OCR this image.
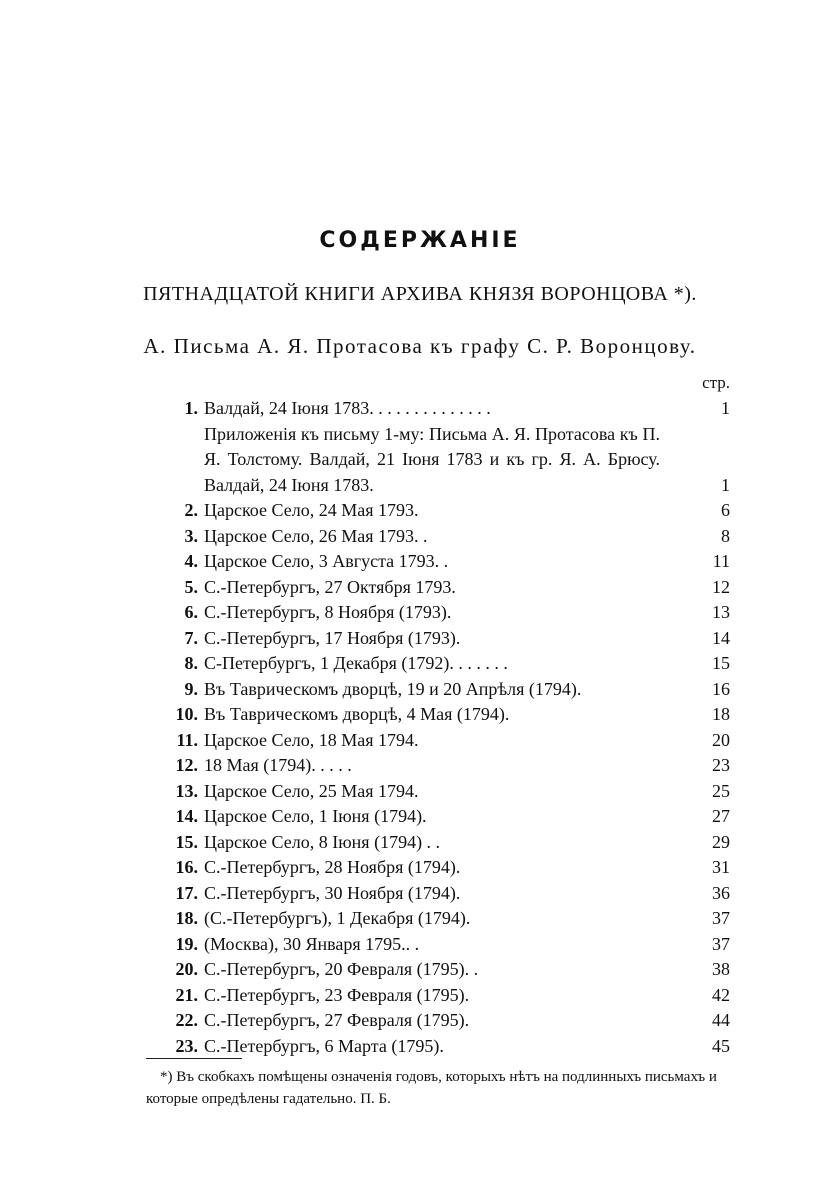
СОДЕРЖАНІЕ
ПЯТНАДЦАТОЙ КНИГИ АРХИВА КНЯЗЯ ВОРОНЦОВА *).
А. Письма А. Я. Протасова къ графу С. Р. Воронцову.
стр.
1. Валдай, 24 Іюня 1783. . . . . . . . . . . . . .	1
Приложенія къ письму 1-му: Письма А. Я. Протасова къ П. Я. Толстому. Валдай, 21 Іюня 1783 и къ гр. Я. А. Брюсу. Валдай, 24 Іюня 1783.	1
2. Царское Село, 24 Мая 1793.	6
3. Царское Село, 26 Мая 1793. .	8
4. Царское Село, 3 Августа 1793. .	11
5. С.-Петербургъ, 27 Октября 1793.	12
6. С.-Петербургъ, 8 Ноября (1793).	13
7. С.-Петербургъ, 17 Ноября (1793).	14
8. С-Петербургъ, 1 Декабря (1792). . . . . . .	15
9. Въ Таврическомъ дворцѣ, 19 и 20 Апрѣля (1794).	16
10. Въ Таврическомъ дворцѣ, 4 Мая (1794).	18
11. Царское Село, 18 Мая 1794.	20
12. 18 Мая (1794). . . . .	23
13. Царское Село, 25 Мая 1794.	25
14. Царское Село, 1 Іюня (1794).	27
15. Царское Село, 8 Іюня (1794) . .	29
16. С.-Петербургъ, 28 Ноября (1794).	31
17. С.-Петербургъ, 30 Ноября (1794).	36
18. (С.-Петербургъ), 1 Декабря (1794).	37
19. (Москва), 30 Января 1795.. .	37
20. С.-Петербургъ, 20 Февраля (1795). .	38
21. С.-Петербургъ, 23 Февраля (1795).	42
22. С.-Петербургъ, 27 Февраля (1795).	44
23. С.-Петербургъ, 6 Марта (1795).	45
*) Въ скобкахъ помѣщены означенія годовъ, которыхъ нѣтъ на подлинныхъ письмахъ и которые опредѣлены гадательно. П. Б.
